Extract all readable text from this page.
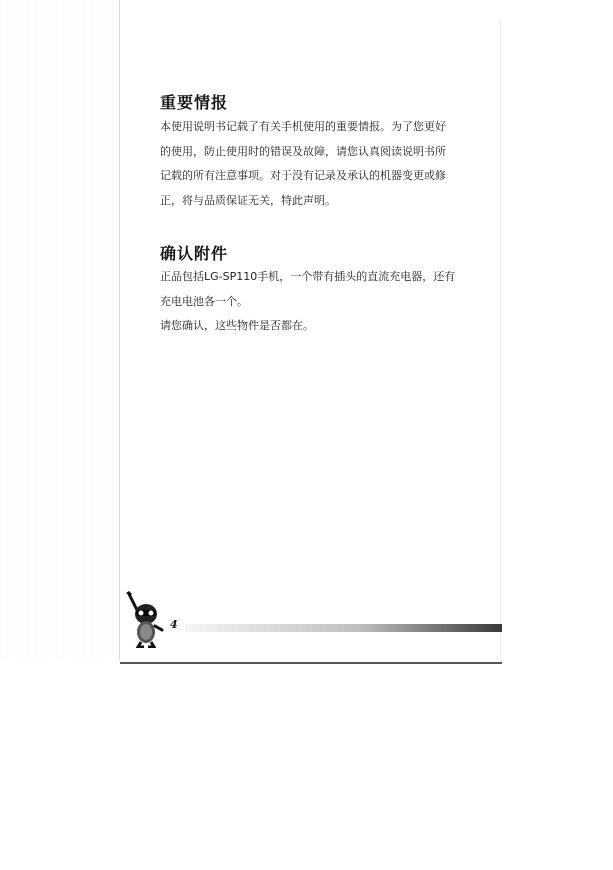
重要情报
本使用说明书记载了有关手机使用的重要情报。为了您更好
的使用，防止使用时的错误及故障，请您认真阅读说明书所
记载的所有注意事项。对于没有记录及承认的机器变更或修
正，将与品质保证无关，特此声明。
确认附件
正品包括LG-SP110手机，一个带有插头的直流充电器，还有
充电电池各一个。
请您确认，这些物件是否都在。
4
